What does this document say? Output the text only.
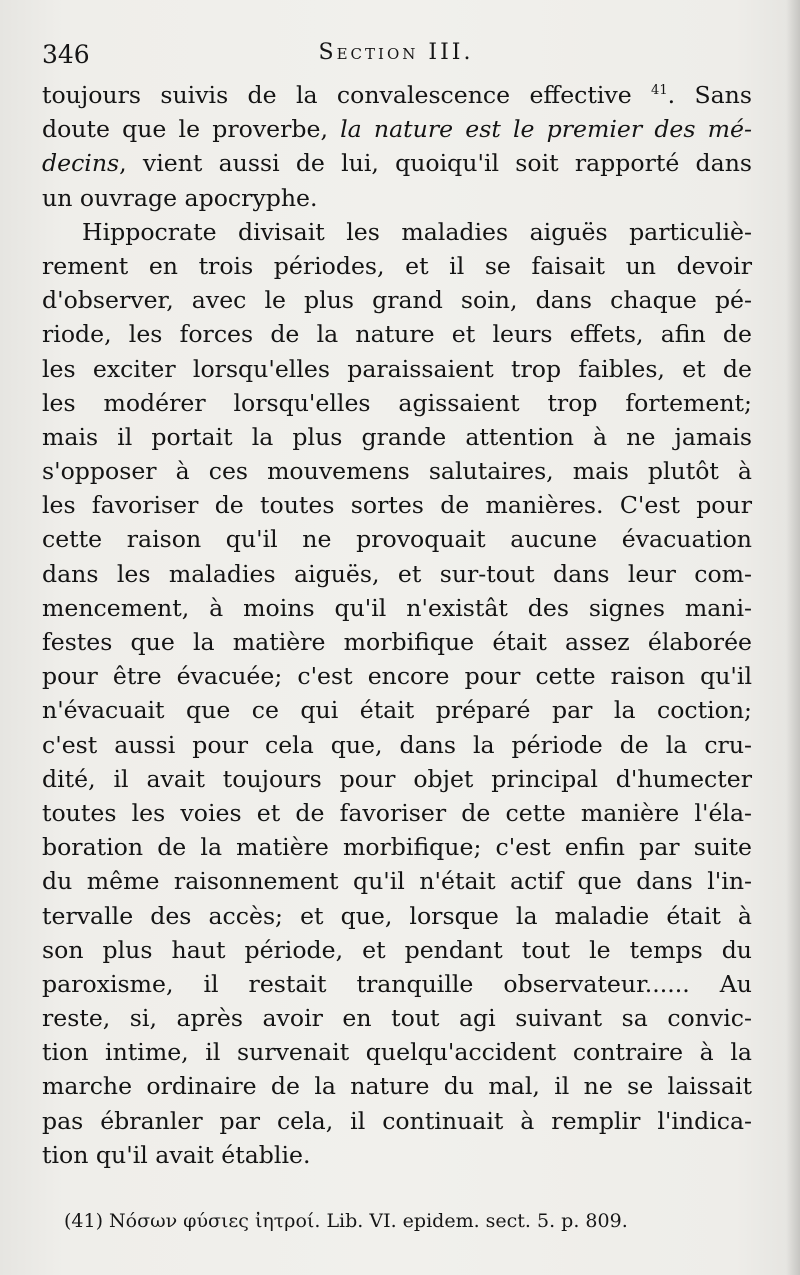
346	Section III.
toujours suivis de la convalescence effective $^{41}$. Sans
doute que le proverbe, la nature est le premier des mé-
decins, vient aussi de lui, quoiqu'il soit rapporté dans
un ouvrage apocryphe.
Hippocrate divisait les maladies aiguës particuliè-
rement en trois périodes, et il se faisait un devoir
d'observer, avec le plus grand soin, dans chaque pé-
riode, les forces de la nature et leurs effets, afin de
les exciter lorsqu'elles paraissaient trop faibles, et de
les modérer lorsqu'elles agissaient trop fortement;
mais il portait la plus grande attention à ne jamais
s'opposer à ces mouvemens salutaires, mais plutôt à
les favoriser de toutes sortes de manières. C'est pour
cette raison qu'il ne provoquait aucune évacuation
dans les maladies aiguës, et sur-tout dans leur com-
mencement, à moins qu'il n'existât des signes mani-
festes que la matière morbifique était assez élaborée
pour être évacuée; c'est encore pour cette raison qu'il
n'évacuait que ce qui était préparé par la coction;
c'est aussi pour cela que, dans la période de la cru-
dité, il avait toujours pour objet principal d'humecter
toutes les voies et de favoriser de cette manière l'éla-
boration de la matière morbifique; c'est enfin par suite
du même raisonnement qu'il n'était actif que dans l'in-
tervalle des accès; et que, lorsque la maladie était à
son plus haut période, et pendant tout le temps du
paroxisme, il restait tranquille observateur...... Au
reste, si, après avoir en tout agi suivant sa convic-
tion intime, il survenait quelqu'accident contraire à la
marche ordinaire de la nature du mal, il ne se laissait
pas ébranler par cela, il continuait à remplir l'indica-
tion qu'il avait établie.
(41) Νόσων φύσιες ἰητροί. Lib. VI. epidem. sect. 5. p. 809.
